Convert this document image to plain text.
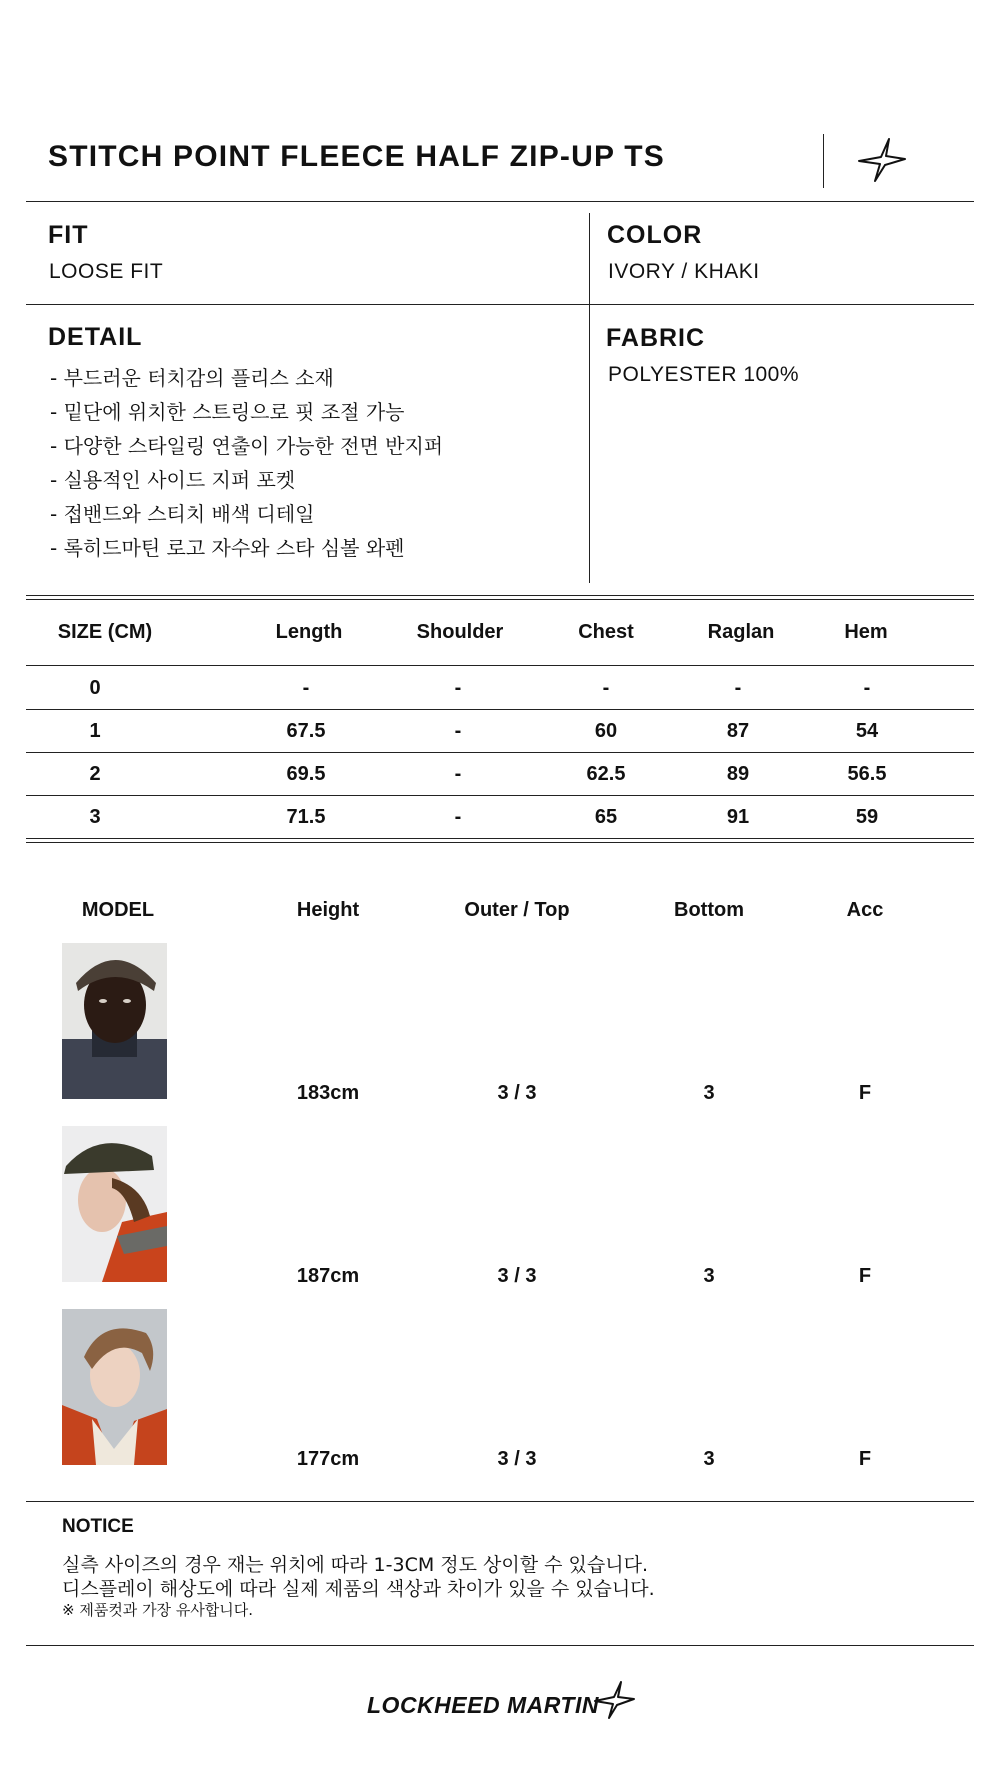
STITCH POINT FLEECE HALF ZIP-UP TS
FIT
LOOSE FIT
COLOR
IVORY / KHAKI
DETAIL
- 부드러운 터치감의 플리스 소재
- 밑단에 위치한 스트링으로 핏 조절 가능
- 다양한 스타일링 연출이 가능한 전면 반지퍼
- 실용적인 사이드 지퍼 포켓
- 접밴드와 스티치 배색 디테일
- 록히드마틴 로고 자수와 스타 심볼 와펜
FABRIC
POLYESTER 100%
SIZE (CM)	Length	Shoulder	Chest	Raglan	Hem
0	-	-	-	-	-
1	67.5	-	60	87	54
2	69.5	-	62.5	89	56.5
3	71.5	-	65	91	59
MODEL	Height	Outer / Top	Bottom	Acc
183cm	3 / 3	3	F
187cm	3 / 3	3	F
177cm	3 / 3	3	F
NOTICE
실측 사이즈의 경우 재는 위치에 따라 1-3CM 정도 상이할 수 있습니다.
디스플레이 해상도에 따라 실제 제품의 색상과 차이가 있을 수 있습니다.
※ 제품컷과 가장 유사합니다.
LOCKHEED MARTIN
